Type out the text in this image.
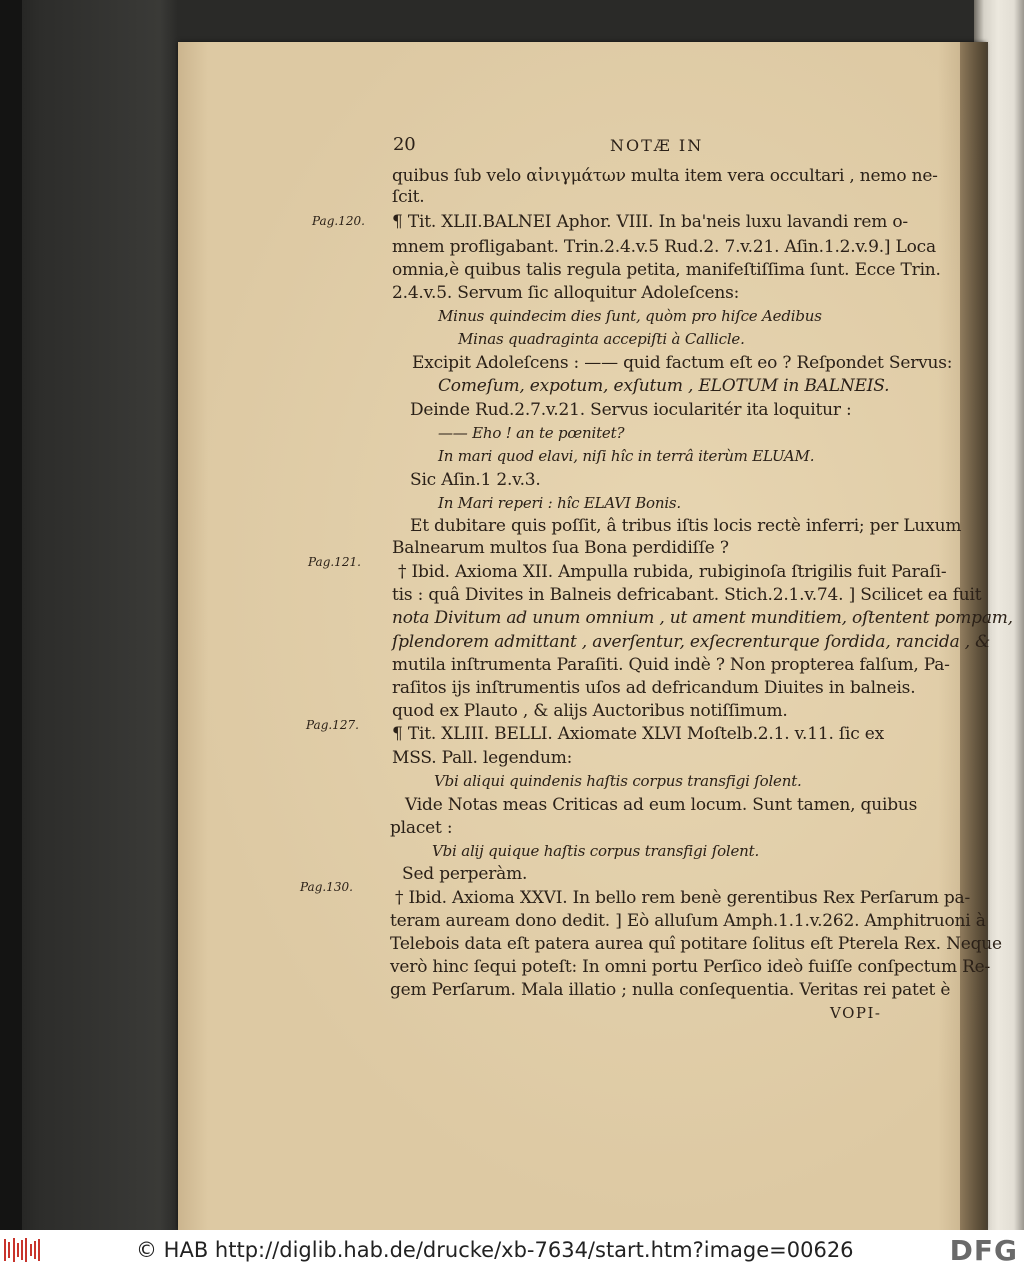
20	NOTÆ IN
Pag.120.
Pag.121.
Pag.127.
Pag.130.
quibus ſub velo αἰνιγμάτων multa item vera occultari , nemo ne-
ſcit.
¶ Tit. XLII.BALNEI Aphor. VIII. In ba'neis luxu lavandi rem o-
mnem profligabant. Trin.2.4.v.5 Rud.2. 7.v.21. Aſin.1.2.v.9.] Loca
omnia,è quibus talis regula petita, manifeſtiſſima ſunt. Ecce Trin.
2.4.v.5. Servum ſic alloquitur Adoleſcens:
Minus quindecim dies ſunt, quòm pro hiſce Aedibus
Minas quadraginta accepiſti à Callicle.
Excipit Adoleſcens : —— quid factum eſt eo ? Reſpondet Servus:
Comeſum, expotum, exſutum , ELOTUM in BALNEIS.
Deinde Rud.2.7.v.21. Servus iocularitér ita loquitur :
—— Eho ! an te pœnitet?
In mari quod elavi, niſi hîc in terrâ iterùm ELUAM.
Sic Aſin.1 2.v.3.
In Mari reperi : hîc ELAVI Bonis.
Et dubitare quis poſſit, â tribus iſtis locis rectè inferri; per Luxum
Balnearum multos ſua Bona perdidiſſe ?
† Ibid. Axioma XII. Ampulla rubida, rubiginoſa ſtrigilis fuit Paraſi-
tis : quâ Divites in Balneis defricabant. Stich.2.1.v.74. ] Scilicet ea fuit
nota Divitum ad unum omnium , ut ament munditiem, oſtentent pompam,
ſplendorem admittant , averſentur, exſecrenturque ſordida, rancida , &
mutila inſtrumenta Paraſiti. Quid indè ? Non propterea falſum, Pa-
raſitos ijs inſtrumentis uſos ad defricandum Diuites in balneis.
quod ex Plauto , & alijs Auctoribus notiſſimum.
¶ Tit. XLIII. BELLI. Axiomate XLVI Moſtelb.2.1. v.11. ſic ex
MSS. Pall. legendum:
Vbi aliqui quindenis haſtis corpus transfigi ſolent.
Vide Notas meas Criticas ad eum locum. Sunt tamen, quibus
placet :
Vbi alij quique haſtis corpus transfigi ſolent.
Sed perperàm.
† Ibid. Axioma XXVI. In bello rem benè gerentibus Rex Perſarum pa-
teram auream dono dedit. ] Eò alluſum Amph.1.1.v.262. Amphitruoni à
Telebois data eſt patera aurea quî potitare ſolitus eſt Pterela Rex. Neque
verò hinc ſequi poteſt: In omni portu Perſico ideò fuiſſe conſpectum Re-
gem Perſarum. Mala illatio ; nulla conſequentia. Veritas rei patet è
VOPI-
© HAB http://diglib.hab.de/drucke/xb-7634/start.htm?image=00626	DFG
